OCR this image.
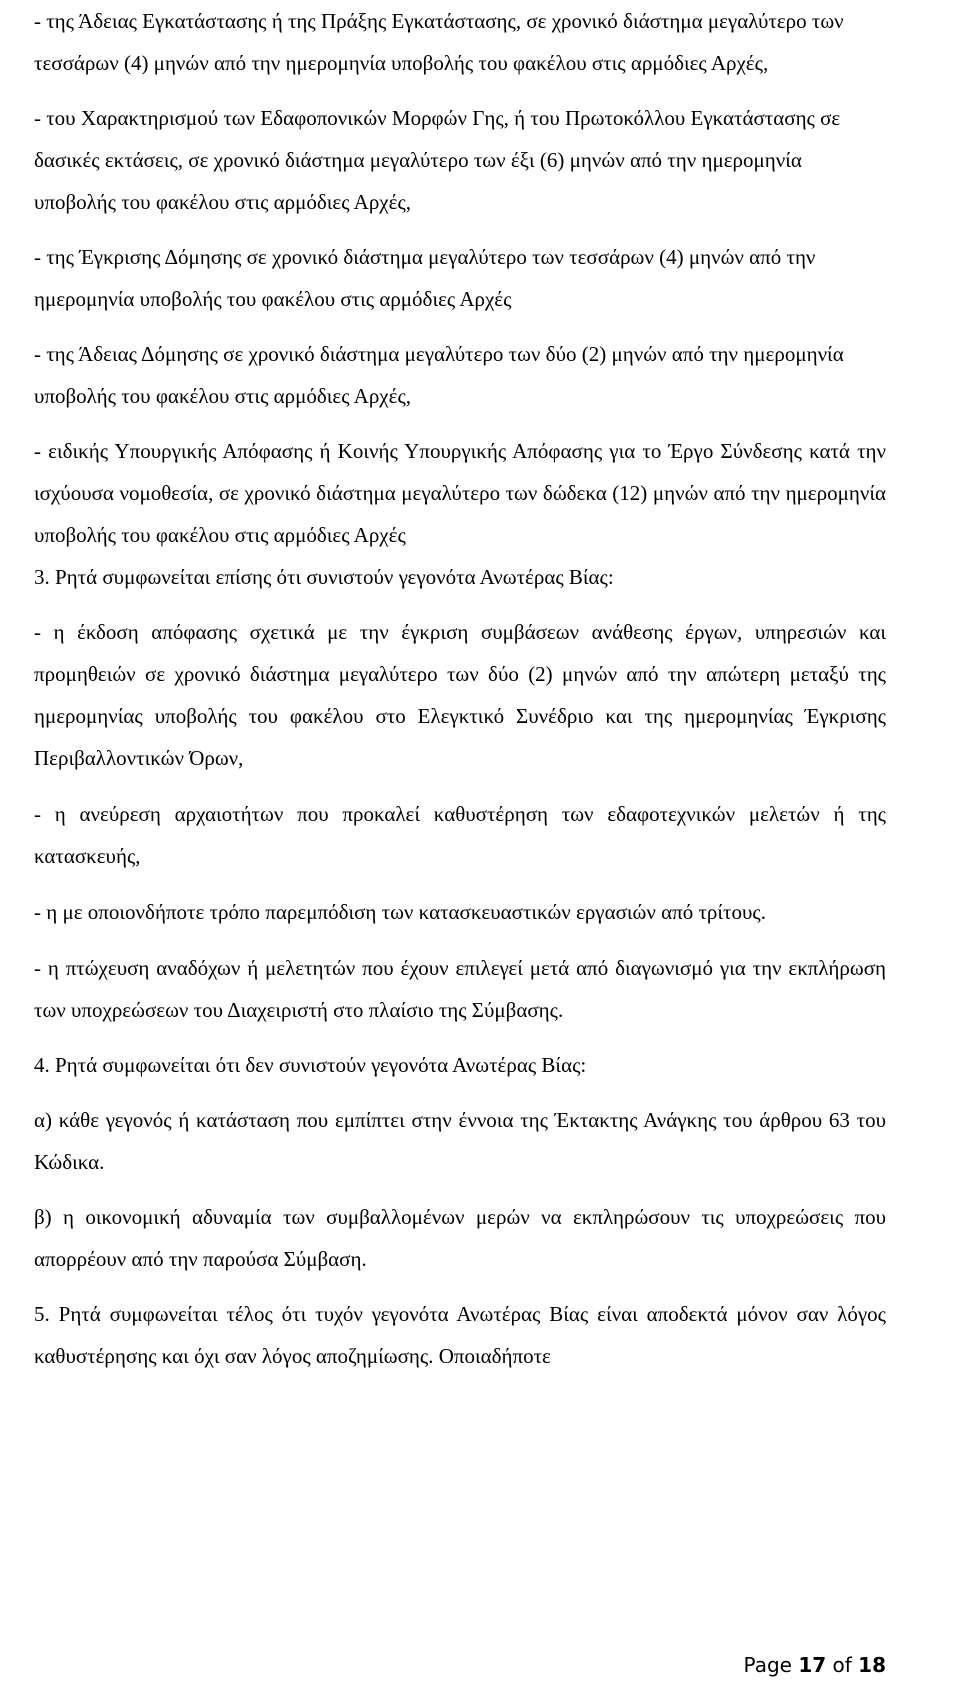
- της Άδειας Εγκατάστασης ή της Πράξης Εγκατάστασης, σε χρονικό διάστημα μεγαλύτερο των τεσσάρων (4) μηνών από την ημερομηνία υποβολής του φακέλου στις αρμόδιες Αρχές,

- του Χαρακτηρισμού των Εδαφοπονικών Μορφών Γης, ή του Πρωτοκόλλου Εγκατάστασης σε δασικές εκτάσεις, σε χρονικό διάστημα μεγαλύτερο των έξι (6) μηνών από την ημερομηνία υποβολής του φακέλου στις αρμόδιες Αρχές,

- της Έγκρισης Δόμησης σε χρονικό διάστημα μεγαλύτερο των τεσσάρων (4) μηνών από την ημερομηνία υποβολής του φακέλου στις αρμόδιες Αρχές

- της Άδειας Δόμησης σε χρονικό διάστημα μεγαλύτερο των δύο (2) μηνών από την ημερομηνία υποβολής του φακέλου στις αρμόδιες Αρχές,

- ειδικής Υπουργικής Απόφασης ή Κοινής Υπουργικής Απόφασης για το Έργο Σύνδεσης κατά την ισχύουσα νομοθεσία, σε χρονικό διάστημα μεγαλύτερο των δώδεκα (12) μηνών από την ημερομηνία υποβολής του φακέλου στις αρμόδιες Αρχές

3. Ρητά συμφωνείται επίσης ότι συνιστούν γεγονότα Ανωτέρας Βίας:

- η έκδοση απόφασης σχετικά με την έγκριση συμβάσεων ανάθεσης έργων, υπηρεσιών και προμηθειών σε χρονικό διάστημα μεγαλύτερο των δύο (2) μηνών από την απώτερη μεταξύ της ημερομηνίας υποβολής του φακέλου στο Ελεγκτικό Συνέδριο και της ημερομηνίας Έγκρισης Περιβαλλοντικών Όρων,

- η ανεύρεση αρχαιοτήτων που προκαλεί καθυστέρηση των εδαφοτεχνικών μελετών ή της κατασκευής,

- η με οποιονδήποτε τρόπο παρεμπόδιση των κατασκευαστικών εργασιών από τρίτους.

- η πτώχευση αναδόχων ή μελετητών που έχουν επιλεγεί μετά από διαγωνισμό για την εκπλήρωση των υποχρεώσεων του Διαχειριστή στο πλαίσιο της Σύμβασης.

4. Ρητά συμφωνείται ότι δεν συνιστούν γεγονότα Ανωτέρας Βίας:

α) κάθε γεγονός ή κατάσταση που εμπίπτει στην έννοια της Έκτακτης Ανάγκης του άρθρου 63 του Κώδικα.

β) η οικονομική αδυναμία των συμβαλλομένων μερών να εκπληρώσουν τις υποχρεώσεις που απορρέουν από την παρούσα Σύμβαση.

5. Ρητά συμφωνείται τέλος ότι τυχόν γεγονότα Ανωτέρας Βίας είναι αποδεκτά μόνον σαν λόγος καθυστέρησης και όχι σαν λόγος αποζημίωσης. Οποιαδήποτε

Page 17 of 18
